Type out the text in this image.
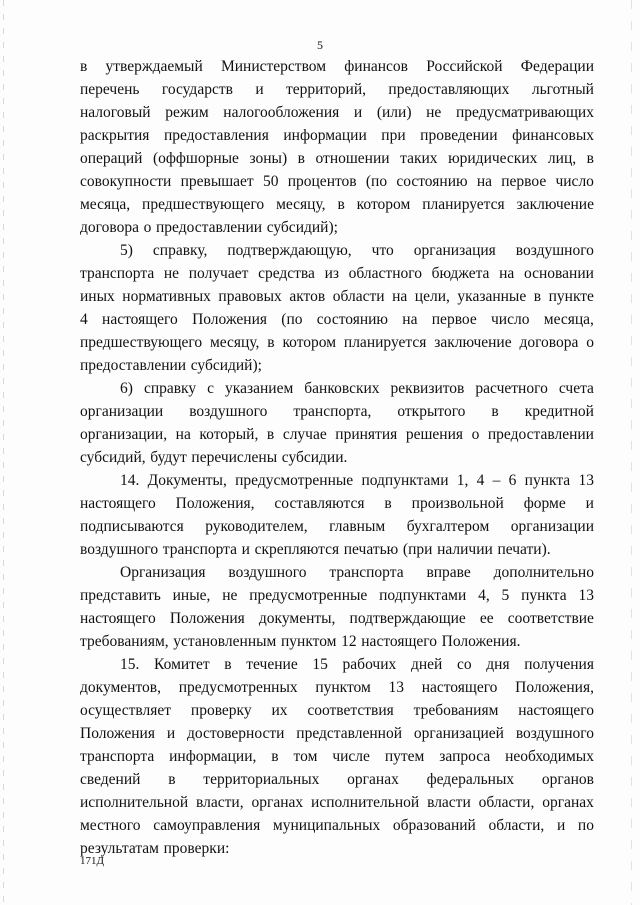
5
в утверждаемый Министерством финансов Российской Федерации
перечень государств и территорий, предоставляющих льготный
налоговый режим налогообложения и (или) не предусматривающих
раскрытия предоставления информации при проведении финансовых
операций (оффшорные зоны) в отношении таких юридических лиц, в
совокупности превышает 50 процентов (по состоянию на первое число
месяца, предшествующего месяцу, в котором планируется заключение
договора о предоставлении субсидий);
5) справку, подтверждающую, что организация воздушного
транспорта не получает средства из областного бюджета на основании
иных нормативных правовых актов области на цели, указанные в пункте
4 настоящего Положения (по состоянию на первое число месяца,
предшествующего месяцу, в котором планируется заключение договора о
предоставлении субсидий);
6) справку с указанием банковских реквизитов расчетного счета
организации воздушного транспорта, открытого в кредитной
организации, на который, в случае принятия решения о предоставлении
субсидий, будут перечислены субсидии.
14. Документы, предусмотренные подпунктами 1, 4 – 6 пункта 13
настоящего Положения, составляются в произвольной форме и
подписываются руководителем, главным бухгалтером организации
воздушного транспорта и скрепляются печатью (при наличии печати).
Организация воздушного транспорта вправе дополнительно
представить иные, не предусмотренные подпунктами 4, 5 пункта 13
настоящего Положения документы, подтверждающие ее соответствие
требованиям, установленным пунктом 12 настоящего Положения.
15. Комитет в течение 15 рабочих дней со дня получения
документов, предусмотренных пунктом 13 настоящего Положения,
осуществляет проверку их соответствия требованиям настоящего
Положения и достоверности представленной организацией воздушного
транспорта информации, в том числе путем запроса необходимых
сведений в территориальных органах федеральных органов
исполнительной власти, органах исполнительной власти области, органах
местного самоуправления муниципальных образований области, и по
результатам проверки:
171Д
